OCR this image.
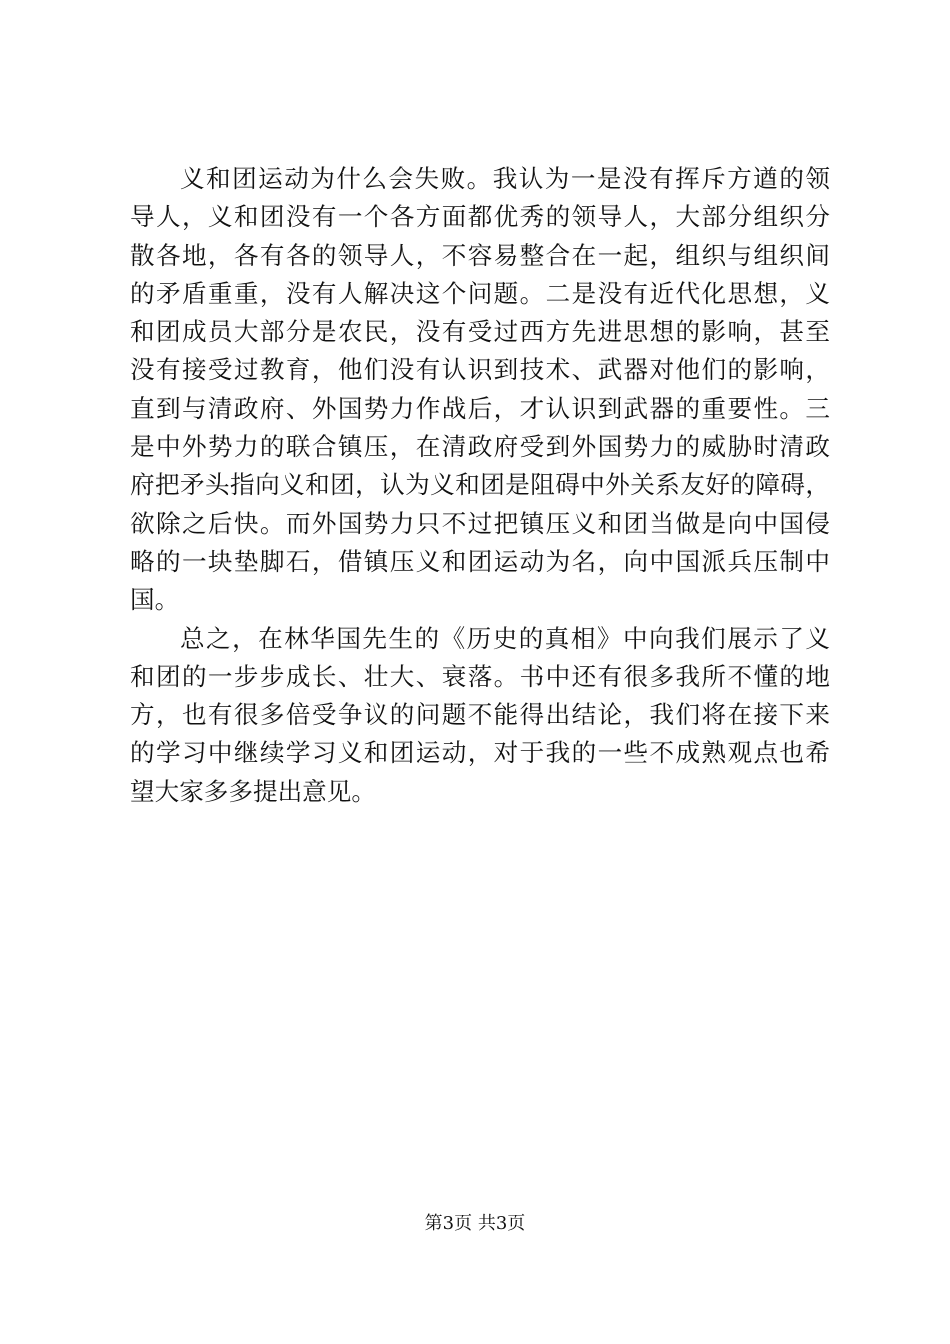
义和团运动为什么会失败。我认为一是没有挥斥方遒的领
导人，义和团没有一个各方面都优秀的领导人，大部分组织分
散各地，各有各的领导人，不容易整合在一起，组织与组织间
的矛盾重重，没有人解决这个问题。二是没有近代化思想，义
和团成员大部分是农民，没有受过西方先进思想的影响，甚至
没有接受过教育，他们没有认识到技术、武器对他们的影响，
直到与清政府、外国势力作战后，才认识到武器的重要性。三
是中外势力的联合镇压，在清政府受到外国势力的威胁时清政
府把矛头指向义和团，认为义和团是阻碍中外关系友好的障碍，
欲除之后快。而外国势力只不过把镇压义和团当做是向中国侵
略的一块垫脚石，借镇压义和团运动为名，向中国派兵压制中
国。
总之，在林华国先生的《历史的真相》中向我们展示了义
和团的一步步成长、壮大、衰落。书中还有很多我所不懂的地
方，也有很多倍受争议的问题不能得出结论，我们将在接下来
的学习中继续学习义和团运动，对于我的一些不成熟观点也希
望大家多多提出意见。
第3页 共3页
